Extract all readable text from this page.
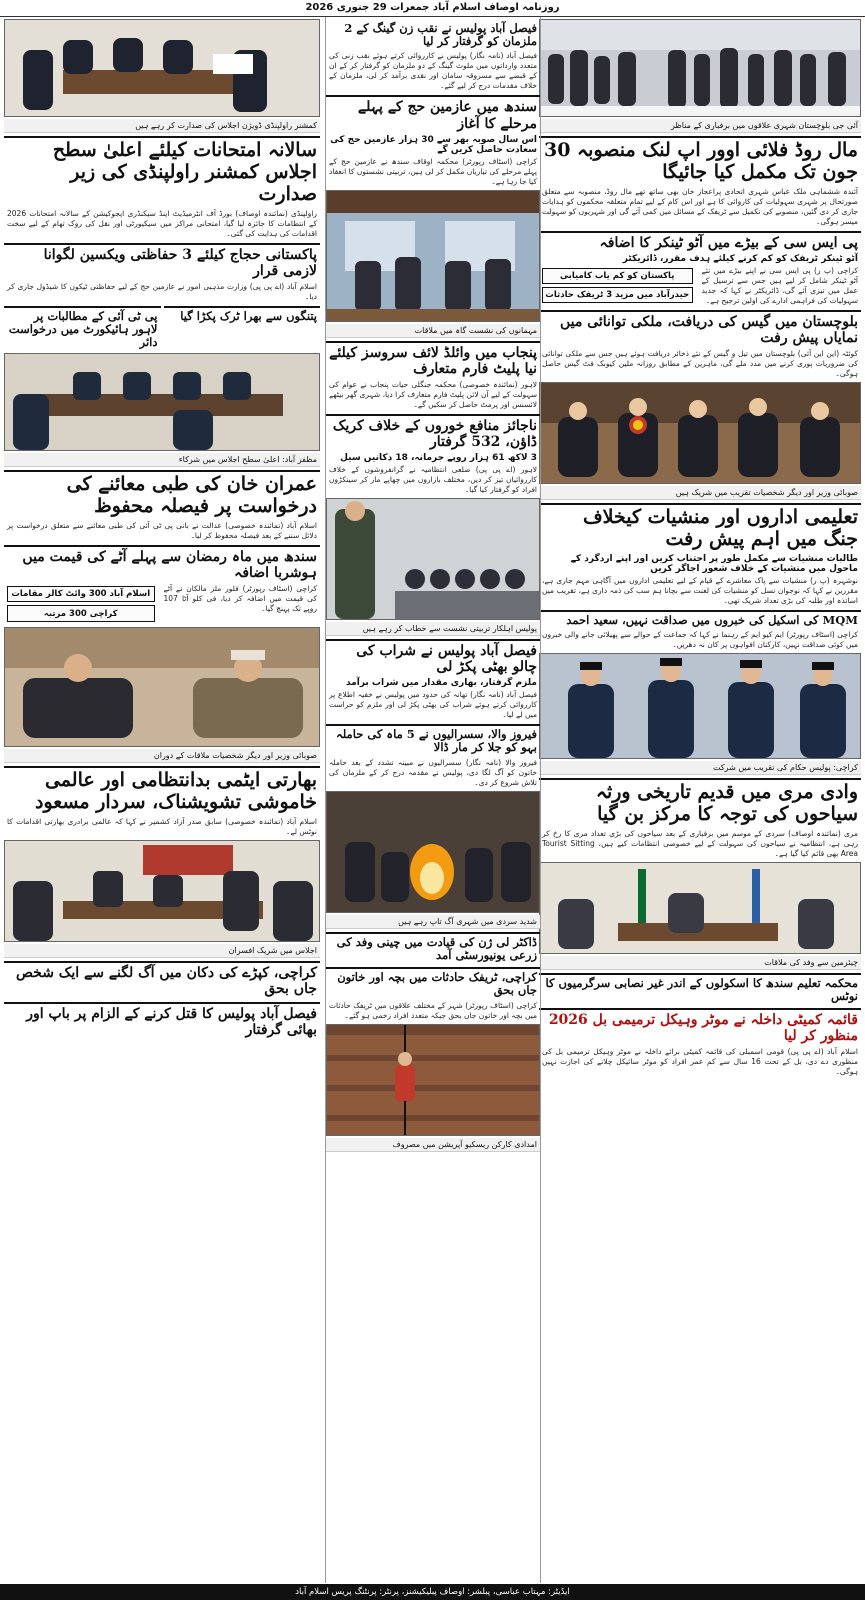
روزنامہ اوصاف اسلام آباد جمعرات 29 جنوری 2026
آئی جی بلوچستان شہری علاقوں میں برفباری کے مناظر
مال روڈ فلائی اوور اپ لنک منصوبہ 30 جون تک مکمل کیا جائیگا
آئندہ ششماہی ملک عباس شہری اتحادی پراعجاز خان بھی ساتھ تھے مال روڈ، منصوبہ سے متعلق صورتحال پر شہری سہولیات کی کاروائی کا ہے اور اس کام کے لیے تمام متعلقہ محکموں کو ہدایات جاری کر دی گئیں، منصوبے کی تکمیل سے ٹریفک کے مسائل میں کمی آئے گی اور شہریوں کو سہولت میسر ہوگی۔
پی ایس سی کے بیڑے میں آٹو ٹینکر کا اضافہ
آٹو ٹینکر ٹریفک کو کم کرنے کیلئے ہدف مقرر، ڈائریکٹر
کراچی (پ ر) پی ایس سی نے اپنے بیڑے میں نئے آٹو ٹینکر شامل کر لیے ہیں جس سے ترسیل کے عمل میں تیزی آئے گی، ڈائریکٹر نے کہا کہ جدید سہولیات کی فراہمی ادارے کی اولین ترجیح ہے۔
پاکستان کو کم یاب کامیابی
حیدرآباد میں مزید 3 ٹریفک حادثات
بلوچستان میں گیس کی دریافت، ملکی توانائی میں نمایاں پیش رفت
کوئٹہ (این این آئی) بلوچستان میں تیل و گیس کے نئے ذخائر دریافت ہوئے ہیں جس سے ملکی توانائی کی ضروریات پوری کرنے میں مدد ملے گی، ماہرین کے مطابق روزانہ ملین کیوبک فٹ گیس حاصل ہوگی۔
صوبائی وزیر اور دیگر شخصیات تقریب میں شریک ہیں
تعلیمی اداروں اور منشیات کیخلاف جنگ میں اہم پیش رفت
طالبات منشیات سے مکمل طور پر اجتناب کریں اور اپنے اردگرد کے ماحول میں منشیات کے خلاف شعور اجاگر کریں
نوشہرہ (پ ر) منشیات سے پاک معاشرے کے قیام کے لیے تعلیمی اداروں میں آگاہی مہم جاری ہے، مقررین نے کہا کہ نوجوان نسل کو منشیات کی لعنت سے بچانا ہم سب کی ذمہ داری ہے، تقریب میں اساتذہ اور طلبہ کی بڑی تعداد شریک تھی۔
MQM کی اسکیل کی خبروں میں صداقت نہیں، سعید احمد
کراچی (اسٹاف رپورٹر) ایم کیو ایم کے رہنما نے کہا کہ جماعت کے حوالے سے پھیلائی جانے والی خبروں میں کوئی صداقت نہیں، کارکنان افواہوں پر کان نہ دھریں۔
کراچی: پولیس حکام کی تقریب میں شرکت
وادی مری میں قدیم تاریخی ورثہ سیاحوں کی توجہ کا مرکز بن گیا
مری (نمائندہ اوصاف) سردی کے موسم میں برفباری کے بعد سیاحوں کی بڑی تعداد مری کا رخ کر رہی ہے، انتظامیہ نے سیاحوں کی سہولت کے لیے خصوصی انتظامات کیے ہیں، Tourist Sitting Area بھی قائم کیا گیا ہے۔
چیئرمین سے وفد کی ملاقات
محکمہ تعلیم سندھ کا اسکولوں کے اندر غیر نصابی سرگرمیوں کا نوٹس
قائمہ کمیٹی داخلہ نے موٹر وہیکل ترمیمی بل 2026 منظور کر لیا
اسلام آباد (اے پی پی) قومی اسمبلی کی قائمہ کمیٹی برائے داخلہ نے موٹر وہیکل ترمیمی بل کی منظوری دے دی، بل کے تحت 16 سال سے کم عمر افراد کو موٹر سائیکل چلانے کی اجازت نہیں ہوگی۔
فیصل آباد پولیس نے نقب زن گینگ کے 2 ملزمان کو گرفتار کر لیا
فیصل آباد (نامہ نگار) پولیس نے کارروائی کرتے ہوئے نقب زنی کی متعدد وارداتوں میں ملوث گینگ کے دو ملزمان کو گرفتار کر کے ان کے قبضے سے مسروقہ سامان اور نقدی برآمد کر لی، ملزمان کے خلاف مقدمات درج کر لیے گئے۔
سندھ میں عازمین حج کے پہلے مرحلے کا آغاز
اس سال صوبہ بھر سے 30 ہزار عازمین حج کی سعادت حاصل کریں گے
کراچی (اسٹاف رپورٹر) محکمہ اوقاف سندھ نے عازمین حج کے پہلے مرحلے کی تیاریاں مکمل کر لی ہیں، تربیتی نشستوں کا انعقاد کیا جا رہا ہے۔
مہمانوں کی نشست گاہ میں ملاقات
پنجاب میں وائلڈ لائف سروسز کیلئے نیا پلیٹ فارم متعارف
لاہور (نمائندہ خصوصی) محکمہ جنگلی حیات پنجاب نے عوام کی سہولت کے لیے آن لائن پلیٹ فارم متعارف کرا دیا، شہری گھر بیٹھے لائسنس اور پرمٹ حاصل کر سکیں گے۔
ناجائز منافع خوروں کے خلاف کریک ڈاؤن، 532 گرفتار
3 لاکھ 61 ہزار روپے جرمانہ، 18 دکانیں سیل
لاہور (اے پی پی) ضلعی انتظامیہ نے گرانفروشوں کے خلاف کارروائیاں تیز کر دیں، مختلف بازاروں میں چھاپے مار کر سینکڑوں افراد کو گرفتار کیا گیا۔
پولیس اہلکار تربیتی نشست سے خطاب کر رہے ہیں
فیصل آباد پولیس نے شراب کی چالو بھٹی پکڑ لی
ملزم گرفتار، بھاری مقدار میں شراب برآمد
فیصل آباد (نامہ نگار) تھانہ کی حدود میں پولیس نے خفیہ اطلاع پر کارروائی کرتے ہوئے شراب کی بھٹی پکڑ لی اور ملزم کو حراست میں لے لیا۔
فیروز والا، سسرالیوں نے 5 ماہ کی حاملہ بہو کو جلا کر مار ڈالا
فیروز والا (نامہ نگار) سسرالیوں نے مبینہ تشدد کے بعد حاملہ خاتون کو آگ لگا دی، پولیس نے مقدمہ درج کر کے ملزمان کی تلاش شروع کر دی۔
شدید سردی میں شہری آگ تاپ رہے ہیں
ڈاکٹر لی ژن کی قیادت میں چینی وفد کی زرعی یونیورسٹی آمد
کراچی، ٹریفک حادثات میں بچہ اور خاتون جاں بحق
کراچی (اسٹاف رپورٹر) شہر کے مختلف علاقوں میں ٹریفک حادثات میں بچہ اور خاتون جاں بحق جبکہ متعدد افراد زخمی ہو گئے۔
امدادی کارکن ریسکیو آپریشن میں مصروف
کمشنر راولپنڈی ڈویژن اجلاس کی صدارت کر رہے ہیں
سالانہ امتحانات کیلئے اعلیٰ سطح اجلاس کمشنر راولپنڈی کی زیر صدارت
راولپنڈی (نمائندہ اوصاف) بورڈ آف انٹرمیڈیٹ اینڈ سیکنڈری ایجوکیشن کے سالانہ امتحانات 2026 کے انتظامات کا جائزہ لیا گیا، امتحانی مراکز میں سیکیورٹی اور نقل کی روک تھام کے لیے سخت اقدامات کی ہدایت کی گئی۔
پاکستانی حجاج کیلئے 3 حفاظتی ویکسین لگوانا لازمی قرار
اسلام آباد (اے پی پی) وزارت مذہبی امور نے عازمین حج کے لیے حفاظتی ٹیکوں کا شیڈول جاری کر دیا۔
پتنگوں سے بھرا ٹرک پکڑا گیا
پی ٹی آئی کے مطالبات پر لاہور ہائیکورٹ میں درخواست دائر
مظفر آباد: اعلیٰ سطح اجلاس میں شرکاء
عمران خان کی طبی معائنے کی درخواست پر فیصلہ محفوظ
اسلام آباد (نمائندہ خصوصی) عدالت نے بانی پی ٹی آئی کی طبی معائنے سے متعلق درخواست پر دلائل سننے کے بعد فیصلہ محفوظ کر لیا۔
سندھ میں ماہ رمضان سے پہلے آٹے کی قیمت میں ہوشربا اضافہ
کراچی (اسٹاف رپورٹر) فلور ملز مالکان نے آٹے کی قیمت میں اضافہ کر دیا، فی کلو آٹا 107 روپے تک پہنچ گیا۔
اسلام آباد 300 وائٹ کالر مقامات
کراچی 300 مرتبہ
صوبائی وزیر اور دیگر شخصیات ملاقات کے دوران
بھارتی ایٹمی بدانتظامی اور عالمی خاموشی تشویشناک، سردار مسعود
اسلام آباد (نمائندہ خصوصی) سابق صدر آزاد کشمیر نے کہا کہ عالمی برادری بھارتی اقدامات کا نوٹس لے۔
اجلاس میں شریک افسران
کراچی، کپڑے کی دکان میں آگ لگنے سے ایک شخص جاں بحق
فیصل آباد پولیس کا قتل کرنے کے الزام پر باپ اور بھائی گرفتار
ایڈیٹر: مہتاب عباسی، پبلشر: اوصاف پبلیکیشنز، پرنٹر: پرنٹنگ پریس اسلام آباد
